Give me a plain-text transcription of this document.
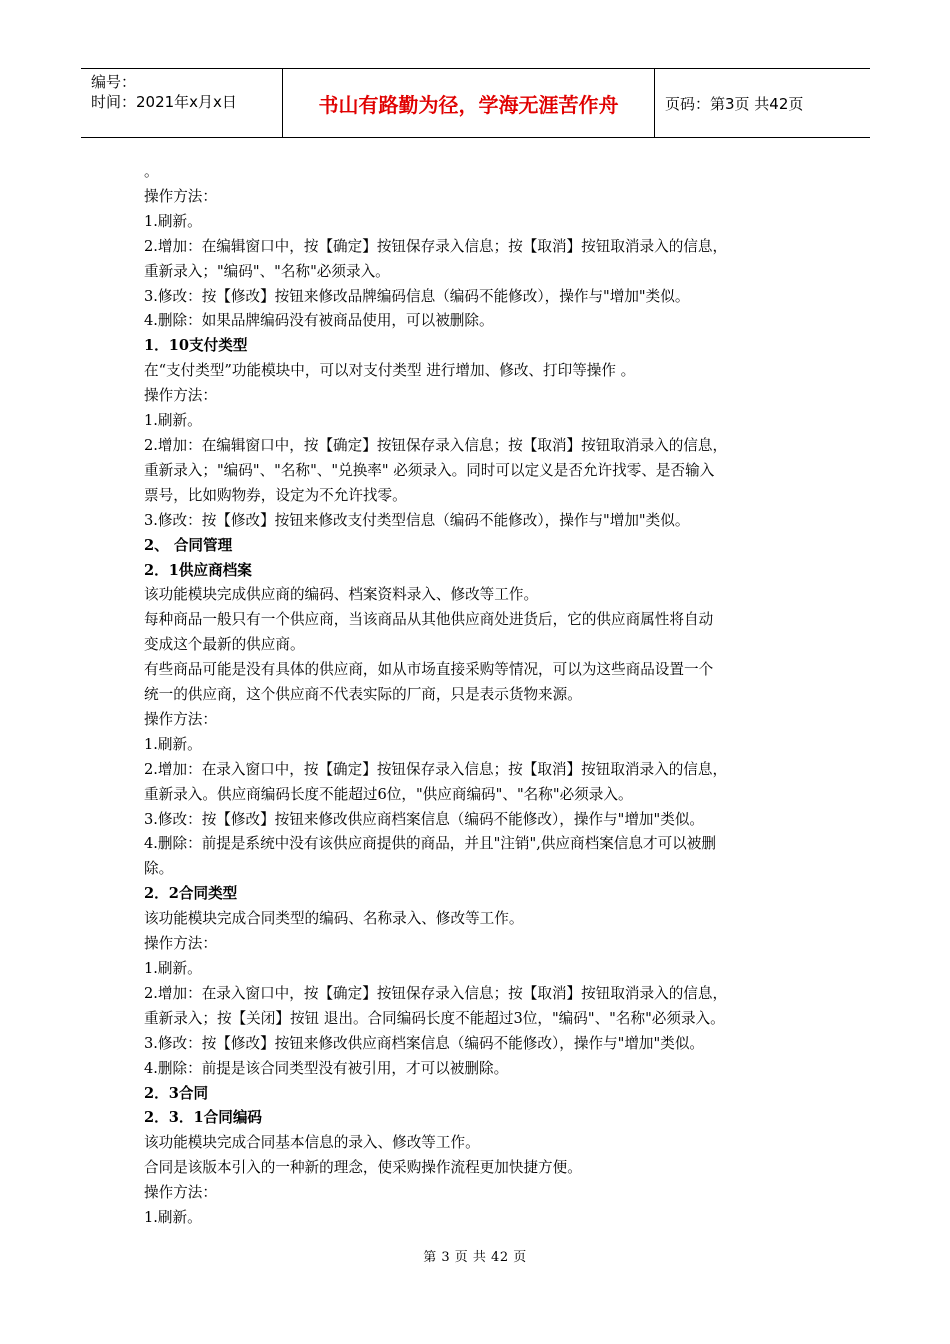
编号：
时间：2021年x月x日	书山有路勤为径，学海无涯苦作舟	页码：第3页 共42页

。

操作方法：

1.刷新。

2.增加：在编辑窗口中，按【确定】按钮保存录入信息；按【取消】按钮取消录入的信息，

重新录入；"编码"、"名称"必须录入。

3.修改：按【修改】按钮来修改品牌编码信息（编码不能修改），操作与"增加"类似。

4.删除：如果品牌编码没有被商品使用，可以被删除。

1．10支付类型

在“支付类型”功能模块中，可以对支付类型 进行增加、修改、打印等操作 。

操作方法：

1.刷新。

2.增加：在编辑窗口中，按【确定】按钮保存录入信息；按【取消】按钮取消录入的信息，

重新录入；"编码"、"名称"、"兑换率" 必须录入。同时可以定义是否允许找零、是否输入

票号，比如购物券，设定为不允许找零。

3.修改：按【修改】按钮来修改支付类型信息（编码不能修改），操作与"增加"类似。

2、 合同管理

2．1供应商档案

该功能模块完成供应商的编码、档案资料录入、修改等工作。

每种商品一般只有一个供应商，当该商品从其他供应商处进货后，它的供应商属性将自动

变成这个最新的供应商。

有些商品可能是没有具体的供应商，如从市场直接采购等情况，可以为这些商品设置一个

统一的供应商，这个供应商不代表实际的厂商，只是表示货物来源。

操作方法：

1.刷新。

2.增加：在录入窗口中，按【确定】按钮保存录入信息；按【取消】按钮取消录入的信息，

重新录入。供应商编码长度不能超过6位，"供应商编码"、"名称"必须录入。

3.修改：按【修改】按钮来修改供应商档案信息（编码不能修改），操作与"增加"类似。

4.删除：前提是系统中没有该供应商提供的商品，并且"注销",供应商档案信息才可以被删

除。

2．2合同类型

该功能模块完成合同类型的编码、名称录入、修改等工作。

操作方法：

1.刷新。

2.增加：在录入窗口中，按【确定】按钮保存录入信息；按【取消】按钮取消录入的信息，

重新录入；按【关闭】按钮 退出。合同编码长度不能超过3位，"编码"、"名称"必须录入。

3.修改：按【修改】按钮来修改供应商档案信息（编码不能修改），操作与"增加"类似。

4.删除：前提是该合同类型没有被引用，才可以被删除。

2．3合同

2．3．1合同编码

该功能模块完成合同基本信息的录入、修改等工作。

合同是该版本引入的一种新的理念，使采购操作流程更加快捷方便。

操作方法：

1.刷新。

第 3 页 共 42 页
